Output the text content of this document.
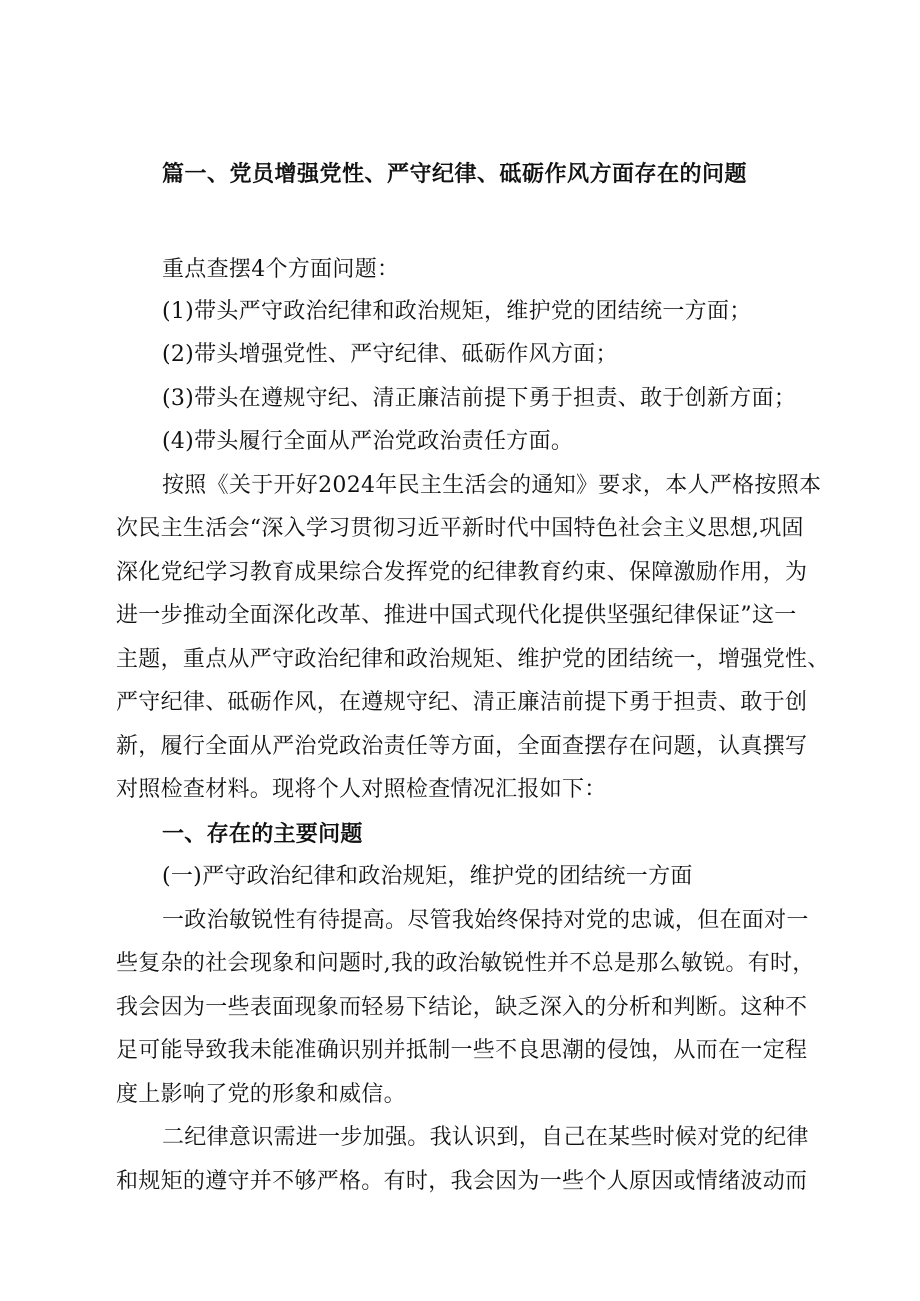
篇一、党员增强党性、严守纪律、砥砺作风方面存在的问题
重点查摆4个方面问题：
(1)带头严守政治纪律和政治规矩，维护党的团结统一方面；
(2)带头增强党性、严守纪律、砥砺作风方面；
(3)带头在遵规守纪、清正廉洁前提下勇于担责、敢于创新方面；
(4)带头履行全面从严治党政治责任方面。
按照《关于开好2024年民主生活会的通知》要求，本人严格按照本
次民主生活会“深入学习贯彻习近平新时代中国特色社会主义思想,巩固
深化党纪学习教育成果综合发挥党的纪律教育约束、保障激励作用，为
进一步推动全面深化改革、推进中国式现代化提供坚强纪律保证”这一
主题，重点从严守政治纪律和政治规矩、维护党的团结统一，增强党性、
严守纪律、砥砺作风，在遵规守纪、清正廉洁前提下勇于担责、敢于创
新，履行全面从严治党政治责任等方面，全面查摆存在问题，认真撰写
对照检查材料。现将个人对照检查情况汇报如下：
一、存在的主要问题
(一)严守政治纪律和政治规矩，维护党的团结统一方面
一政治敏锐性有待提高。尽管我始终保持对党的忠诚，但在面对一
些复杂的社会现象和问题时,我的政治敏锐性并不总是那么敏锐。有时，
我会因为一些表面现象而轻易下结论，缺乏深入的分析和判断。这种不
足可能导致我未能准确识别并抵制一些不良思潮的侵蚀，从而在一定程
度上影响了党的形象和威信。
二纪律意识需进一步加强。我认识到，自己在某些时候对党的纪律
和规矩的遵守并不够严格。有时，我会因为一些个人原因或情绪波动而
